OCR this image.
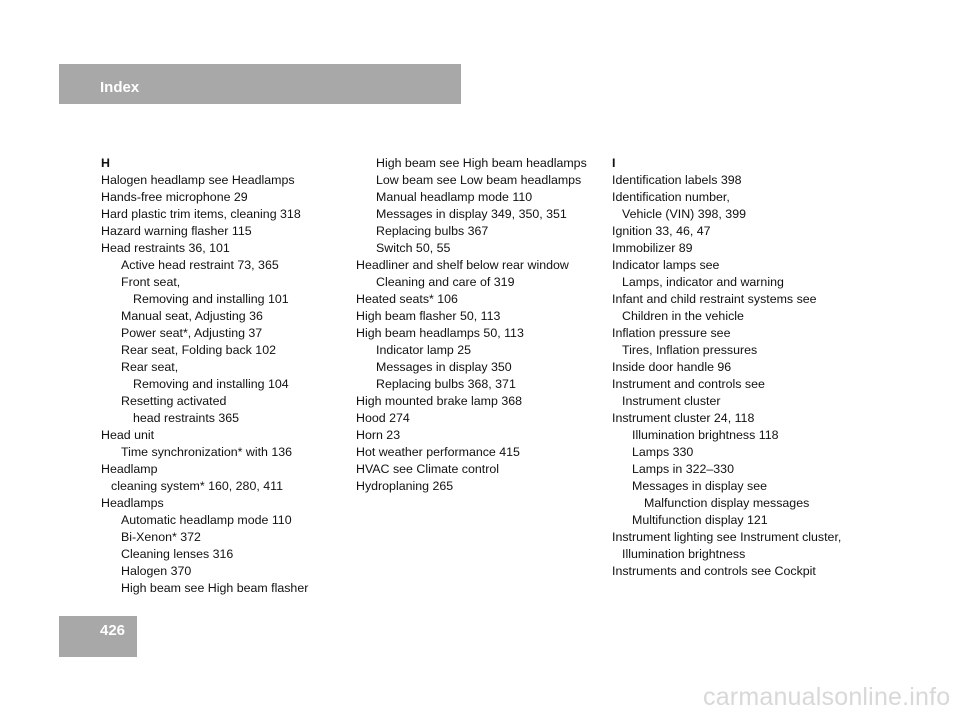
Index
H
Halogen headlamp see Headlamps
Hands-free microphone 29
Hard plastic trim items, cleaning 318
Hazard warning flasher 115
Head restraints 36, 101
Active head restraint 73, 365
Front seat,
Removing and installing 101
Manual seat, Adjusting 36
Power seat*, Adjusting 37
Rear seat, Folding back 102
Rear seat,
Removing and installing 104
Resetting activated
head restraints 365
Head unit
Time synchronization* with 136
Headlamp
cleaning system* 160, 280, 411
Headlamps
Automatic headlamp mode 110
Bi-Xenon* 372
Cleaning lenses 316
Halogen 370
High beam see High beam flasher
High beam see High beam headlamps
Low beam see Low beam headlamps
Manual headlamp mode 110
Messages in display 349, 350, 351
Replacing bulbs 367
Switch 50, 55
Headliner and shelf below rear window
Cleaning and care of 319
Heated seats* 106
High beam flasher 50, 113
High beam headlamps 50, 113
Indicator lamp 25
Messages in display 350
Replacing bulbs 368, 371
High mounted brake lamp 368
Hood 274
Horn 23
Hot weather performance 415
HVAC see Climate control
Hydroplaning 265
I
Identification labels 398
Identification number,
Vehicle (VIN) 398, 399
Ignition 33, 46, 47
Immobilizer 89
Indicator lamps see
Lamps, indicator and warning
Infant and child restraint systems see
Children in the vehicle
Inflation pressure see
Tires, Inflation pressures
Inside door handle 96
Instrument and controls see
Instrument cluster
Instrument cluster 24, 118
Illumination brightness 118
Lamps 330
Lamps in 322–330
Messages in display see
Malfunction display messages
Multifunction display 121
Instrument lighting see Instrument cluster,
Illumination brightness
Instruments and controls see Cockpit
426
carmanualsonline.info
